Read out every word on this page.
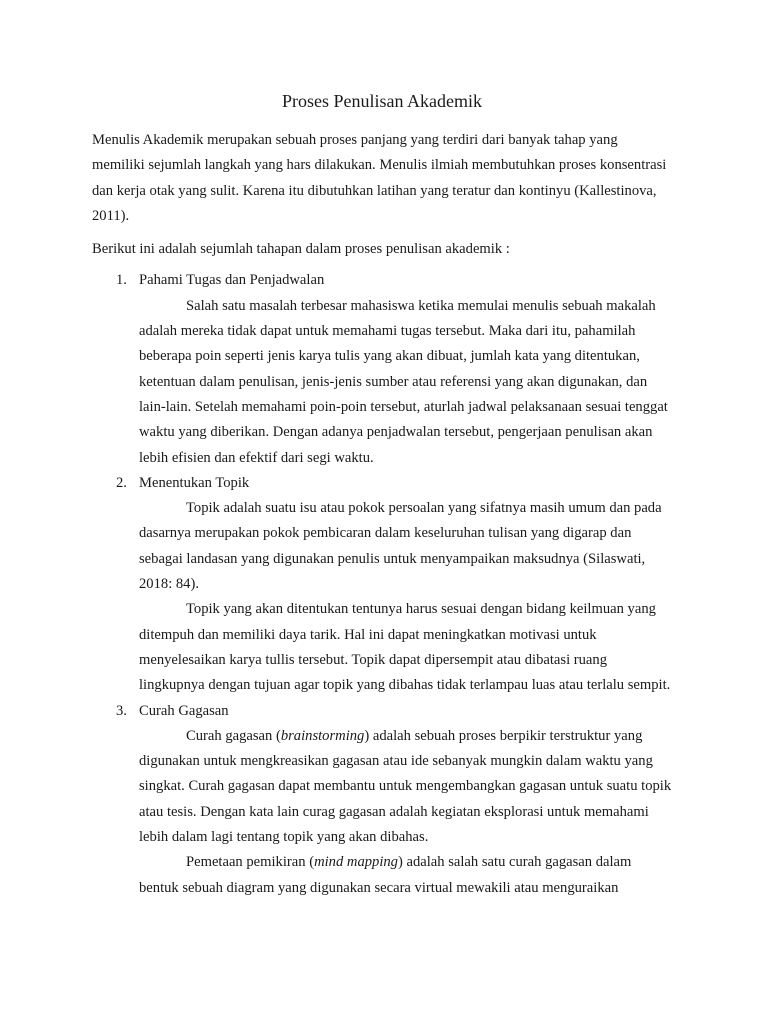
Proses Penulisan Akademik

Menulis Akademik merupakan sebuah proses panjang yang terdiri dari banyak tahap yang memiliki sejumlah langkah yang hars dilakukan. Menulis ilmiah membutuhkan proses konsentrasi dan kerja otak yang sulit. Karena itu dibutuhkan latihan yang teratur dan kontinyu (Kallestinova, 2011).

Berikut ini adalah sejumlah tahapan dalam proses penulisan akademik :

1. Pahami Tugas dan Penjadwalan

Salah satu masalah terbesar mahasiswa ketika memulai menulis sebuah makalah adalah mereka tidak dapat untuk memahami tugas tersebut. Maka dari itu, pahamilah beberapa poin seperti jenis karya tulis yang akan dibuat, jumlah kata yang ditentukan, ketentuan dalam penulisan, jenis-jenis sumber atau referensi yang akan digunakan, dan lain-lain. Setelah memahami poin-poin tersebut, aturlah jadwal pelaksanaan sesuai tenggat waktu yang diberikan. Dengan adanya penjadwalan tersebut, pengerjaan penulisan akan lebih efisien dan efektif dari segi waktu.

2. Menentukan Topik

Topik adalah suatu isu atau pokok persoalan yang sifatnya masih umum dan pada dasarnya merupakan pokok pembicaran dalam keseluruhan tulisan yang digarap dan sebagai landasan yang digunakan penulis untuk menyampaikan maksudnya (Silaswati, 2018: 84).

Topik yang akan ditentukan tentunya harus sesuai dengan bidang keilmuan yang ditempuh dan memiliki daya tarik. Hal ini dapat meningkatkan motivasi untuk menyelesaikan karya tullis tersebut. Topik dapat dipersempit atau dibatasi ruang lingkupnya dengan tujuan agar topik yang dibahas tidak terlampau luas atau terlalu sempit.

3. Curah Gagasan

Curah gagasan (brainstorming) adalah sebuah proses berpikir terstruktur yang digunakan untuk mengkreasikan gagasan atau ide sebanyak mungkin dalam waktu yang singkat. Curah gagasan dapat membantu untuk mengembangkan gagasan untuk suatu topik atau tesis. Dengan kata lain curag gagasan adalah kegiatan eksplorasi untuk memahami lebih dalam lagi tentang topik yang akan dibahas.

Pemetaan pemikiran (mind mapping) adalah salah satu curah gagasan dalam bentuk sebuah diagram yang digunakan secara virtual mewakili atau menguraikan
